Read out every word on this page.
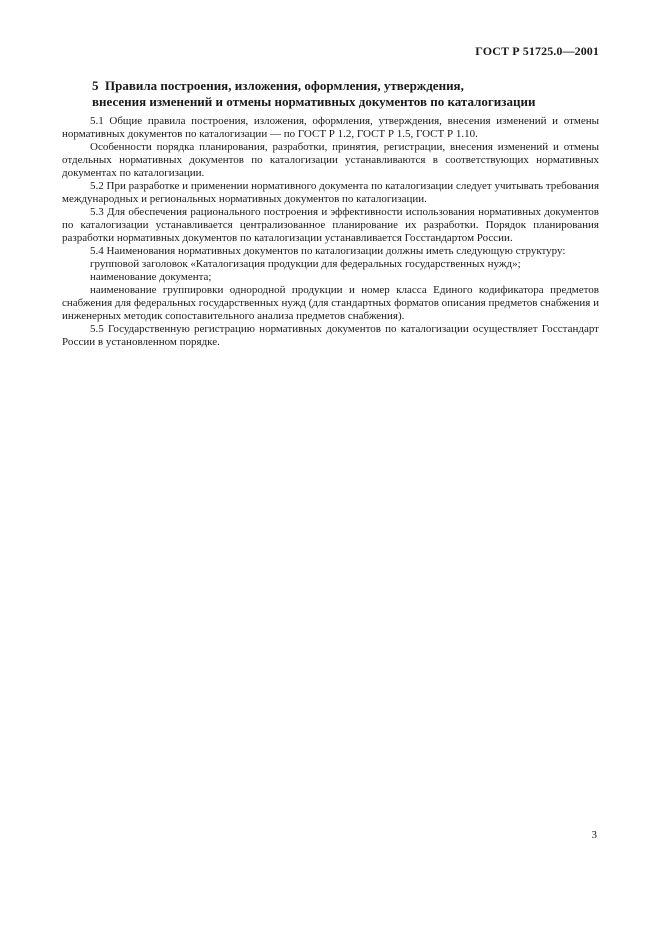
ГОСТ Р 51725.0—2001
5 Правила построения, изложения, оформления, утверждения,
внесения изменений и отмены нормативных документов по каталогизации

5.1 Общие правила построения, изложения, оформления, утверждения, внесения изменений и отмены нормативных документов по каталогизации — по ГОСТ Р 1.2, ГОСТ Р 1.5, ГОСТ Р 1.10.

Особенности порядка планирования, разработки, принятия, регистрации, внесения изменений и отмены отдельных нормативных документов по каталогизации устанавливаются в соответствующих нормативных документах по каталогизации.

5.2 При разработке и применении нормативного документа по каталогизации следует учитывать требования международных и региональных нормативных документов по каталогизации.

5.3 Для обеспечения рационального построения и эффективности использования нормативных документов по каталогизации устанавливается централизованное планирование их разработки. Порядок планирования разработки нормативных документов по каталогизации устанавливается Госстандартом России.

5.4 Наименования нормативных документов по каталогизации должны иметь следующую структуру:

групповой заголовок «Каталогизация продукции для федеральных государственных нужд»;

наименование документа;

наименование группировки однородной продукции и номер класса Единого кодификатора предметов снабжения для федеральных государственных нужд (для стандартных форматов описания предметов снабжения и инженерных методик сопоставительного анализа предметов снабжения).

5.5 Государственную регистрацию нормативных документов по каталогизации осуществляет Госстандарт России в установленном порядке.

3
